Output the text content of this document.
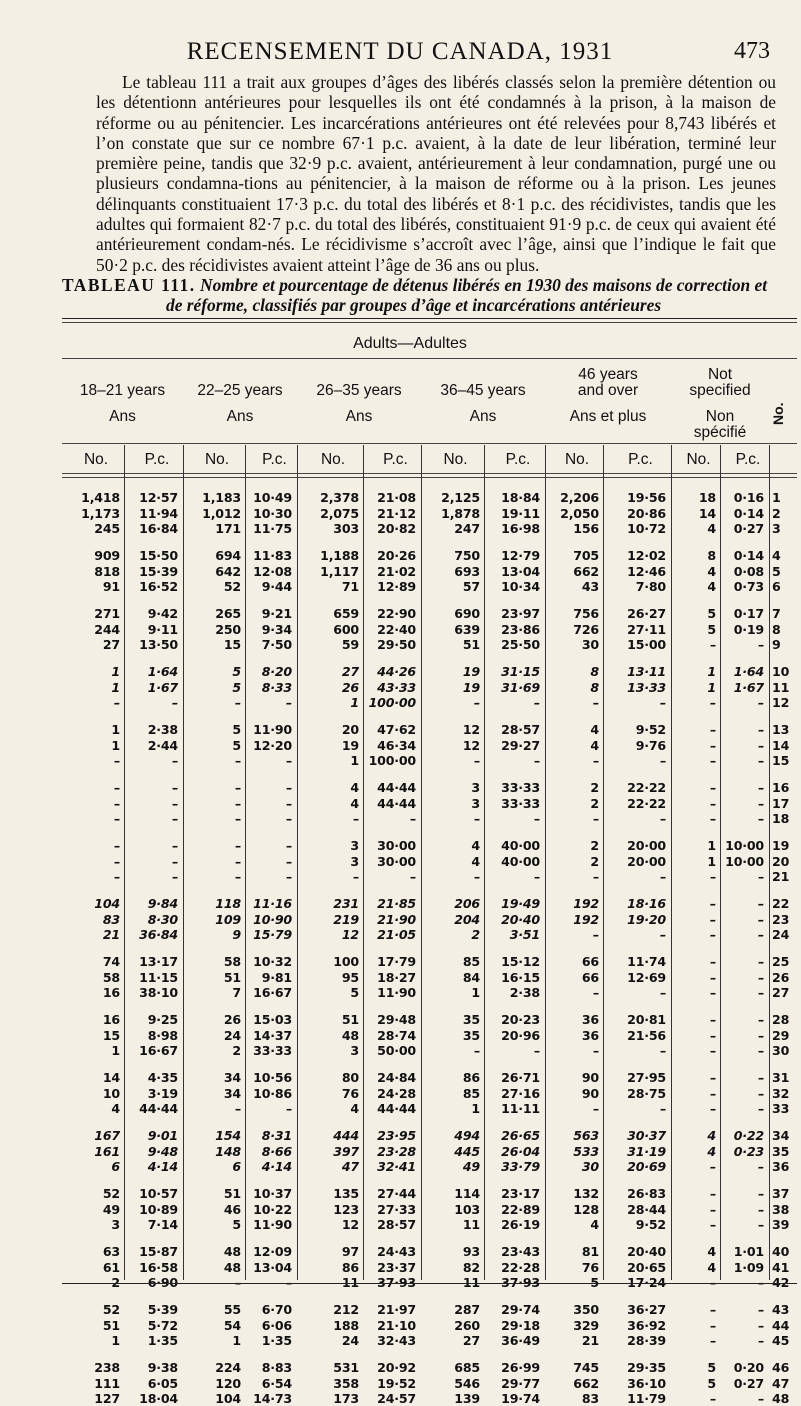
RECENSEMENT DU CANADA, 1931	473

Le tableau 111 a trait aux groupes d’âges des libérés classés selon la première détention ou les détentionn antérieures pour lesquelles ils ont été condamnés à la prison, à la maison de réforme ou au pénitencier. Les incarcérations antérieures ont été relevées pour 8,743 libérés et l’on constate que sur ce nombre 67·1 p.c. avaient, à la date de leur libération, terminé leur première peine, tandis que 32·9 p.c. avaient, antérieurement à leur condamnation, purgé une ou plusieurs condamna-tions au pénitencier, à la maison de réforme ou à la prison. Les jeunes délinquants constituaient 17·3 p.c. du total des libérés et 8·1 p.c. des récidivistes, tandis que les adultes qui formaient 82·7 p.c. du total des libérés, constituaient 91·9 p.c. de ceux qui avaient été antérieurement condam-nés. Le récidivisme s’accroît avec l’âge, ainsi que l’indique le fait que 50·2 p.c. des récidivistes avaient atteint l’âge de 36 ans ou plus.

TABLEAU 111. Nombre et pourcentage de détenus libérés en 1930 des maisons de correction et
de réforme, classifiés par groupes d’âge et incarcérations antérieures
Adults—Adultes
18–21 years
Ans
22–25 years
Ans
26–35 years
Ans
36–45 years
Ans
46 years
and over
Ans et plus
Not
specified
Non
spécifié
No.
No.	P.c.	No.	P.c.	No.	P.c.	No.	P.c.	No.	P.c.	No.	P.c.
1,418	12·57	1,183 10·49	2,378	21·08	2,125	18·84	2,206	19·56	18	0·16 1
1,173	11·94	1,012 10·30	2,075	21·12	1,878	19·11	2,050	20·86	14	0·14 2
245	16·84	171 11·75	303	20·82	247	16·98	156	10·72	4	0·27 3
909	15·50	694 11·83	1,188	20·26	750	12·79	705	12·02	8	0·14 4
818	15·39	642 12·08	1,117	21·02	693	13·04	662	12·46	4	0·08 5
91	16·52	52	9·44	71	12·89	57	10·34	43	7·80	4	0·73 6
271	9·42	265	9·21	659	22·90	690	23·97	756	26·27	5	0·17 7
244	9·11	250	9·34	600	22·40	639	23·86	726	27·11	5	0·19 8
27	13·50	15	7·50	59	29·50	51	25·50	30	15·00	–	– 9
1	1·64	5	8·20	27	44·26	19	31·15	8	13·11	1	1·64 10
1	1·67	5	8·33	26	43·33	19	31·69	8	13·33	1	1·67 11
–	–	–	–	1 100·00	–	–	–	–	–	– 12
1	2·38	5 11·90	20	47·62	12	28·57	4	9·52	–	– 13
1	2·44	5 12·20	19	46·34	12	29·27	4	9·76	–	– 14
–	–	–	–	1 100·00	–	–	–	–	–	– 15
–	–	–	–	4	44·44	3	33·33	2	22·22	–	– 16
–	–	–	–	4	44·44	3	33·33	2	22·22	–	– 17
–	–	–	–	–	–	–	–	–	–	–	– 18
–	–	–	–	3	30·00	4	40·00	2	20·00	1 10·00 19
–	–	–	–	3	30·00	4	40·00	2	20·00	1 10·00 20
–	–	–	–	–	–	–	–	–	–	–	– 21
104	9·84	118 11·16	231	21·85	206	19·49	192	18·16	–	– 22
83	8·30	109 10·90	219	21·90	204	20·40	192	19·20	–	– 23
21	36·84	9 15·79	12	21·05	2	3·51	–	–	–	– 24
74	13·17	58 10·32	100	17·79	85	15·12	66	11·74	–	– 25
58	11·15	51	9·81	95	18·27	84	16·15	66	12·69	–	– 26
16	38·10	7 16·67	5	11·90	1	2·38	–	–	–	– 27
16	9·25	26 15·03	51	29·48	35	20·23	36	20·81	–	– 28
15	8·98	24 14·37	48	28·74	35	20·96	36	21·56	–	– 29
1	16·67	2 33·33	3	50·00	–	–	–	–	–	– 30
14	4·35	34 10·56	80	24·84	86	26·71	90	27·95	–	– 31
10	3·19	34 10·86	76	24·28	85	27·16	90	28·75	–	– 32
4	44·44	–	–	4	44·44	1	11·11	–	–	–	– 33
167	9·01	154	8·31	444	23·95	494	26·65	563	30·37	4	0·22 34
161	9·48	148	8·66	397	23·28	445	26·04	533	31·19	4	0·23 35
6	4·14	6	4·14	47	32·41	49	33·79	30	20·69	–	– 36
52	10·57	51 10·37	135	27·44	114	23·17	132	26·83	–	– 37
49	10·89	46 10·22	123	27·33	103	22·89	128	28·44	–	– 38
3	7·14	5 11·90	12	28·57	11	26·19	4	9·52	–	– 39
63	15·87	48 12·09	97	24·43	93	23·43	81	20·40	4	1·01 40
61	16·58	48 13·04	86	23·37	82	22·28	76	20·65	4	1·09 41
2	6·90	–	–	11	37·93	11	37·93	5	17·24	–	– 42
52	5·39	55	6·70	212	21·97	287	29·74	350	36·27	–	– 43
51	5·72	54	6·06	188	21·10	260	29·18	329	36·92	–	– 44
1	1·35	1	1·35	24	32·43	27	36·49	21	28·39	–	– 45
238	9·38	224	8·83	531	20·92	685	26·99	745	29·35	5	0·20 46
111	6·05	120	6·54	358	19·52	546	29·77	662	36·10	5	0·27 47
127	18·04	104 14·73	173	24·57	139	19·74	83	11·79	–	– 48
